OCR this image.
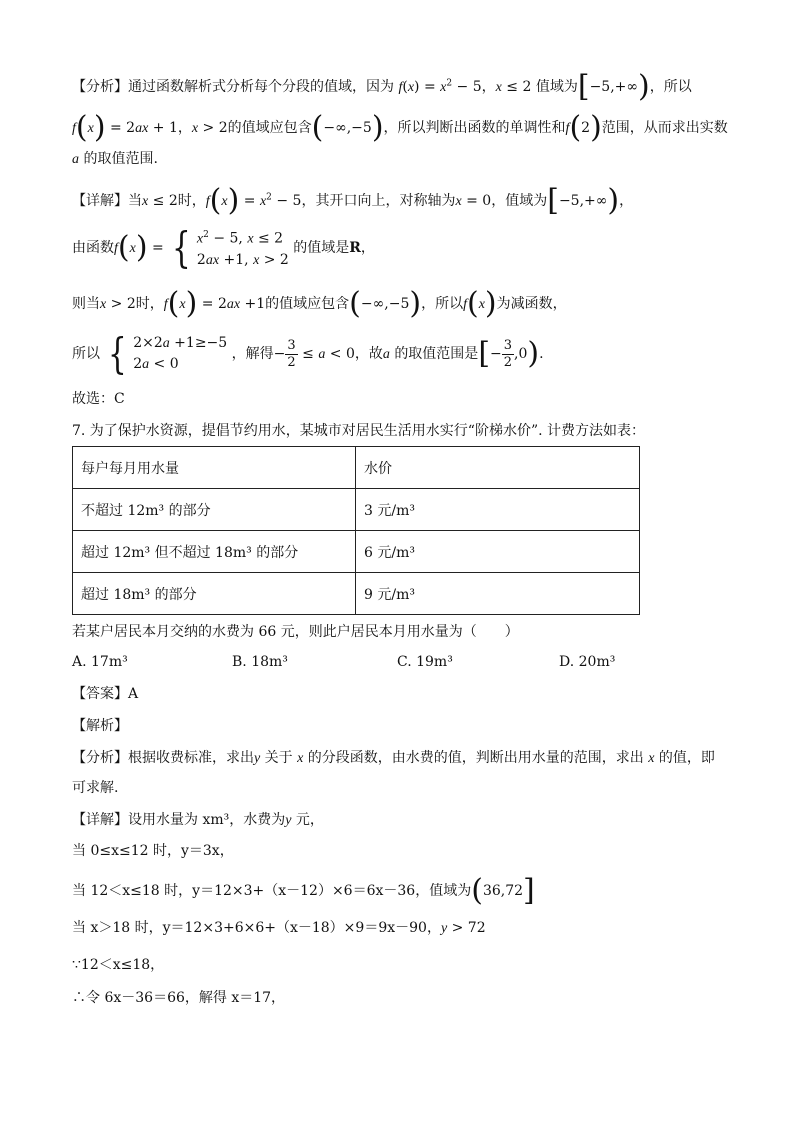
【分析】通过函数解析式分析每个分段的值域，因为 $f(x) = x^2 - 5$，x ≤ 2 值域为[−5,+∞)，所以
f(x) = 2ax + 1，x > 2的值域应包含(−∞,−5)，所以判断出函数的单调性和f(2)范围，从而求出实数
a 的取值范围.
【详解】当x ≤ 2时，$f(x) = x^2 - 5$，其开口向上，对称轴为x = 0，值域为[−5,+∞)，
由函数f(x) = { $x^2 - 5$, x ≤ 2
2ax +1, x > 2
的值域是R，
则当x > 2时，f(x) = 2ax +1的值域应包含(−∞,−5)，所以f(x)为减函数，
所以 { 2×2a +1≥−5
2a < 0
，解得− $\frac{3}{2} \le a < 0$，故a 的取值范围是[− $\frac{3}{2} ,0$).
故选：C
7. 为了保护水资源，提倡节约用水，某城市对居民生活用水实行“阶梯水价”. 计费方法如表：
每户每月用水量	水价
不超过 12m³ 的部分	3 元/m³
超过 12m³ 但不超过 18m³ 的部分	6 元/m³
超过 18m³ 的部分	9 元/m³
若某户居民本月交纳的水费为 66 元，则此户居民本月用水量为（　　）
A. 17m³	B. 18m³	C. 19m³	D. 20m³
【答案】A
【解析】
【分析】根据收费标准，求出y 关于 x 的分段函数，由水费的值，判断出用水量的范围，求出 x 的值，即
可求解.
【详解】设用水量为 xm³，水费为y 元，
当 0≤x≤12 时，y＝3x，
当 12＜x≤18 时，y＝12×3+（x－12）×6＝6x－36，值域为(36,72]
当 x＞18 时，y＝12×3+6×6+（x－18）×9＝9x－90，y > 72
∵12＜x≤18，
∴令 6x－36＝66，解得 x＝17，
